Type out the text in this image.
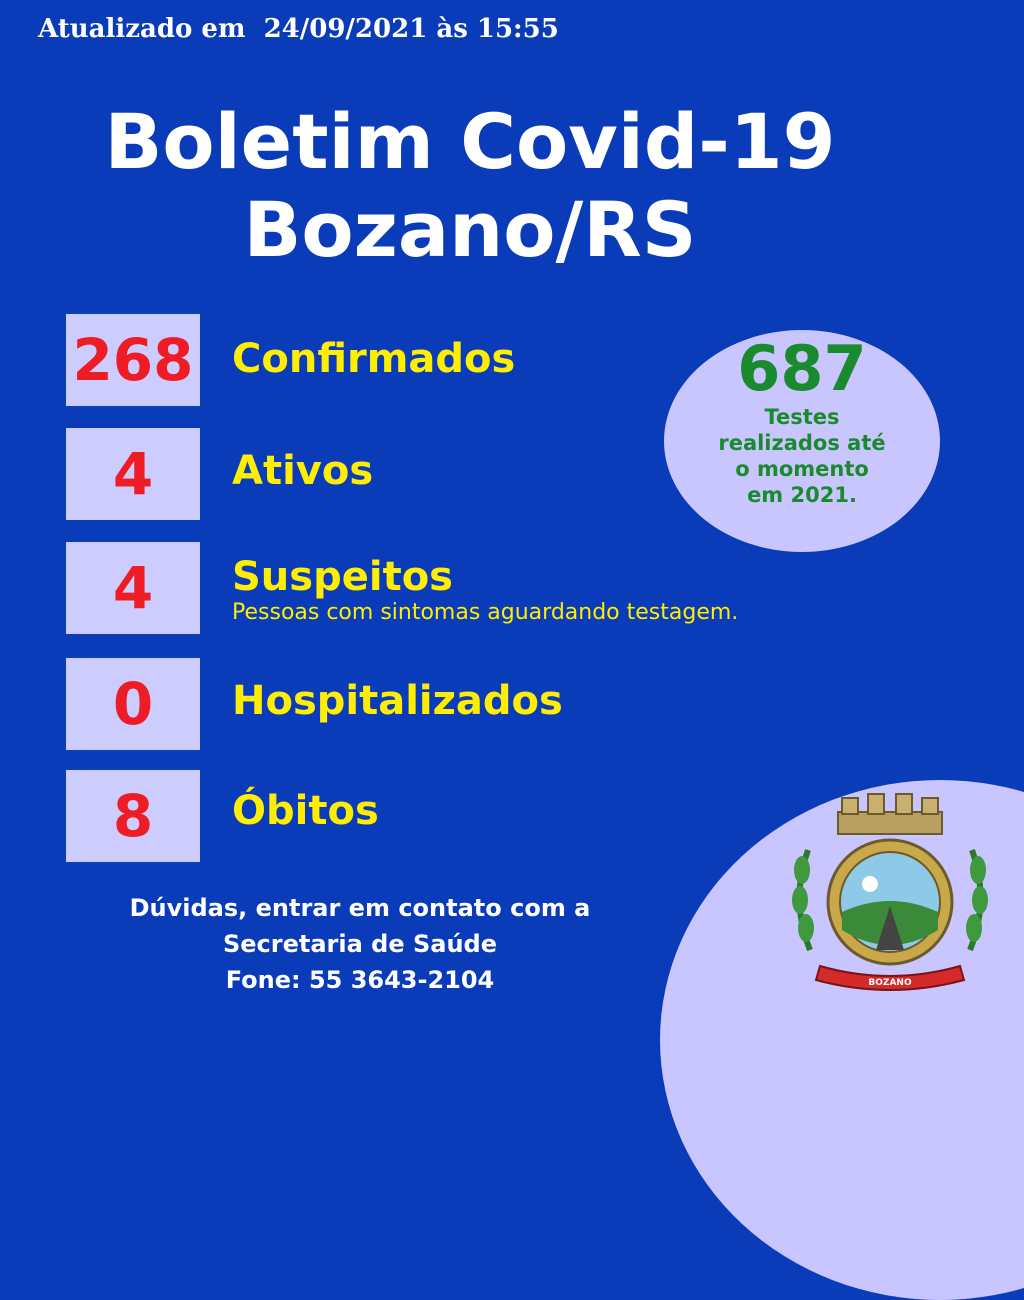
Atualizado em  24/09/2021 às 15:55
Boletim Covid-19
Bozano/RS
268 Confirmados
4	Ativos
4	Suspeitos
Pessoas com sintomas aguardando testagem.
0	Hospitalizados
8	Óbitos
687
Testes
realizados até
o momento
em 2021.
BOZANO
Dúvidas, entrar em contato com a
Secretaria de Saúde
Fone: 55 3643-2104
